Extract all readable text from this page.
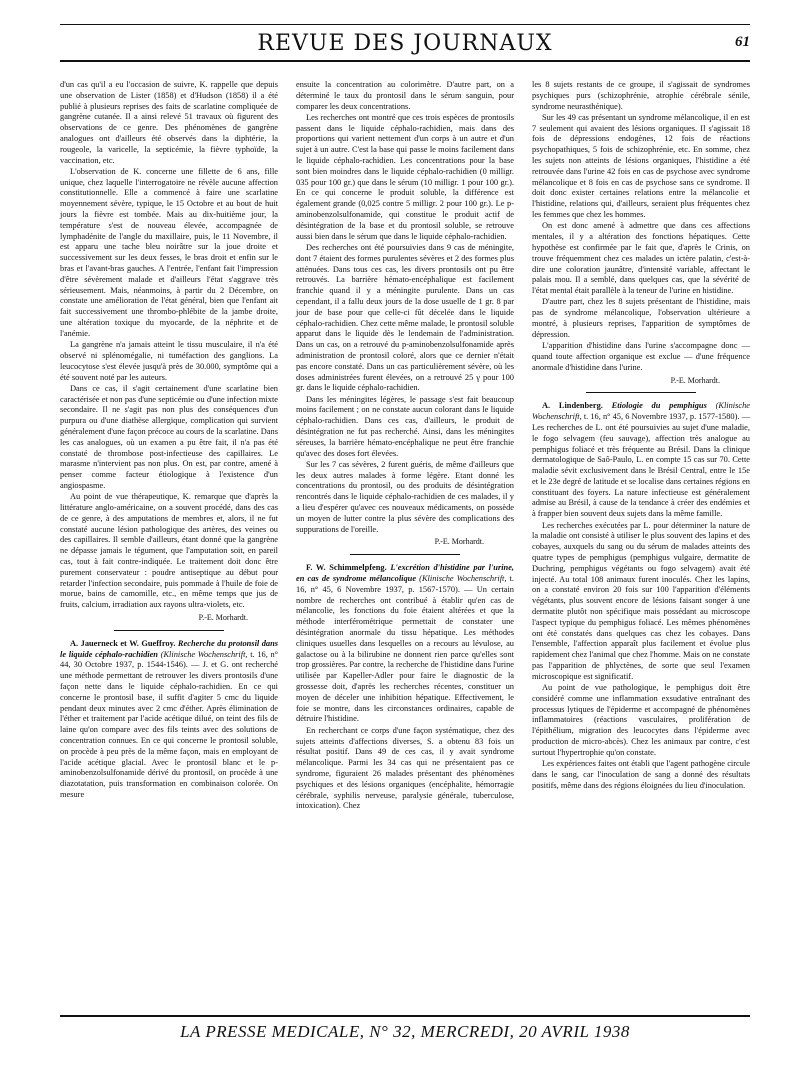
REVUE DES JOURNAUX	61

d'un cas qu'il a eu l'occasion de suivre, K. rappelle que depuis une observation de Lister (1858) et d'Hudson (1858) il a été publié à plusieurs reprises des faits de scarlatine compliquée de gangrène cutanée. Il a ainsi relevé 51 travaux où figurent des observations de ce genre. Des phénomènes de gangrène analogues ont d'ailleurs été observés dans la diphtérie, la rougeole, la varicelle, la septicémie, la fièvre typhoïde, la vaccination, etc.

L'observation de K. concerne une fillette de 6 ans, fille unique, chez laquelle l'interrogatoire ne révèle aucune affection constitutionnelle. Elle a commencé à faire une scarlatine moyennement sévère, typique, le 15 Octobre et au bout de huit jours la fièvre est tombée. Mais au dix-huitième jour, la température s'est de nouveau élevée, accompagnée de lymphadénite de l'angle du maxillaire, puis, le 11 Novembre, il est apparu une tache bleu noirâtre sur la joue droite et successivement sur les deux fesses, le bras droit et enfin sur le bras et l'avant-bras gauches. A l'entrée, l'enfant fait l'impression d'être sévèrement malade et d'ailleurs l'état s'aggrave très sérieusement. Mais, néanmoins, à partir du 2 Décembre, on constate une amélioration de l'état général, bien que l'enfant ait fait successivement une thrombo-phlébite de la jambe droite, une altération toxique du myocarde, de la néphrite et de l'anémie.

La gangrène n'a jamais atteint le tissu musculaire, il n'a été observé ni splénomégalie, ni tuméfaction des ganglions. La leucocytose s'est élevée jusqu'à près de 30.000, symptôme qui a été souvent noté par les auteurs.

Dans ce cas, il s'agit certainement d'une scarlatine bien caractérisée et non pas d'une septicémie ou d'une infection mixte secondaire. Il ne s'agit pas non plus des conséquences d'un purpura ou d'une diathèse allergique, complication qui survient généralement d'une façon précoce au cours de la scarlatine. Dans les cas analogues, où un examen a pu être fait, il n'a pas été constaté de thrombose post-infectieuse des capillaires. Le marasme n'intervient pas non plus. On est, par contre, amené à penser comme facteur étiologique à l'existence d'un angiospasme.

Au point de vue thérapeutique, K. remarque que d'après la littérature anglo-américaine, on a souvent procédé, dans des cas de ce genre, à des amputations de membres et, alors, il ne fut constaté aucune lésion pathologique des artères, des veines ou des capillaires. Il semble d'ailleurs, étant donné que la gangrène ne dépasse jamais le tégument, que l'amputation soit, en pareil cas, tout à fait contre-indiquée. Le traitement doit donc être purement conservateur : poudre antiseptique au début pour retarder l'infection secondaire, puis pommade à l'huile de foie de morue, bains de camomille, etc., en même temps que jus de fruits, calcium, irradiation aux rayons ultra-violets, etc.

P.-E. Morhardt.

A. Jauerneck et W. Gueffroy. Recherche du protonsil dans le liquide céphalo-rachidien (Klinische Wochenschrift, t. 16, n° 44, 30 Octobre 1937, p. 1544-1546). — J. et G. ont recherché une méthode permettant de retrouver les divers prontosils d'une façon nette dans le liquide céphalo-rachidien. En ce qui concerne le prontosil base, il suffit d'agiter 5 cmc du liquide pendant deux minutes avec 2 cmc d'éther. Après élimination de l'éther et traitement par l'acide acétique dilué, on teint des fils de laine qu'on compare avec des fils teints avec des solutions de concentration connues. En ce qui concerne le prontosil soluble, on procède à peu près de la même façon, mais en employant de l'acide acétique glacial. Avec le prontosil blanc et le p-aminobenzolsulfonamide dérivé du prontosil, on procède à une diazotatation, puis transformation en combinaison colorée. On mesure

ensuite la concentration au colorimètre. D'autre part, on a déterminé le taux du prontosil dans le sérum sanguin, pour comparer les deux concentrations.

Les recherches ont montré que ces trois espèces de prontosils passent dans le liquide céphalo-rachidien, mais dans des proportions qui varient nettement d'un corps à un autre et d'un sujet à un autre. C'est la base qui passe le moins facilement dans le liquide céphalo-rachidien. Les concentrations pour la base sont bien moindres dans le liquide céphalo-rachidien (0 milligr. 035 pour 100 gr.) que dans le sérum (10 milligr. 1 pour 100 gr.). En ce qui concerne le produit soluble, la différence est également grande (0,025 contre 5 milligr. 2 pour 100 gr.). Le p-aminobenzolsulfonamide, qui constitue le produit actif de désintégration de la base et du prontosil soluble, se retrouve aussi bien dans le sérum que dans le liquide céphalo-rachidien.

Des recherches ont été poursuivies dans 9 cas de méningite, dont 7 étaient des formes purulentes sévères et 2 des formes plus atténuées. Dans tous ces cas, les divers prontosils ont pu être retrouvés. La barrière hémato-encéphalique est facilement franchie quand il y a méningite purulente. Dans un cas cependant, il a fallu deux jours de la dose usuelle de 1 gr. 8 par jour de base pour que celle-ci fût décelée dans le liquide céphalo-rachidien. Chez cette même malade, le prontosil soluble apparut dans le liquide dès le lendemain de l'administration. Dans un cas, on a retrouvé du p-aminobenzolsulfonamide après administration de prontosil coloré, alors que ce dernier n'était pas encore constaté. Dans un cas particulièrement sévère, où les doses administrées furent élevées, on a retrouvé 25 γ pour 100 gr. dans le liquide céphalo-rachidien.

Dans les méningites légères, le passage s'est fait beaucoup moins facilement ; on ne constate aucun colorant dans le liquide céphalo-rachidien. Dans ces cas, d'ailleurs, le produit de désintégration ne fut pas recherché. Ainsi, dans les méningites séreuses, la barrière hémato-encéphalique ne peut être franchie qu'avec des doses fort élevées.

Sur les 7 cas sévères, 2 furent guéris, de même d'ailleurs que les deux autres malades à forme légère. Etant donné les concentrations du prontosil, ou des produits de désintégration rencontrés dans le liquide céphalo-rachidien de ces malades, il y a lieu d'espérer qu'avec ces nouveaux médicaments, on possède un moyen de lutter contre la plus sévère des complications des suppurations de l'oreille.

P.-E. Morhardt.

F. W. Schimmelpfeng. L'excrétion d'histidine par l'urine, en cas de syndrome mélancolique (Klinische Wochenschrift, t. 16, n° 45, 6 Novembre 1937, p. 1567-1570). — Un certain nombre de recherches ont contribué à établir qu'en cas de mélancolie, les fonctions du foie étaient altérées et que la méthode interférométrique permettait de constater une désintégration anormale du tissu hépatique. Les méthodes cliniques usuelles dans lesquelles on a recours au lévulose, au galactose ou à la bilirubine ne donnent rien parce qu'elles sont trop grossières. Par contre, la recherche de l'histidine dans l'urine utilisée par Kapeller-Adler pour faire le diagnostic de la grossesse doit, d'après les recherches récentes, constituer un moyen de déceler une inhibition hépatique. Effectivement, le foie se montre, dans les circonstances ordinaires, capable de détruire l'histidine.

En recherchant ce corps d'une façon systématique, chez des sujets atteints d'affections diverses, S. a obtenu 83 fois un résultat positif. Dans 49 de ces cas, il y avait syndrome mélancolique. Parmi les 34 cas qui ne présentaient pas ce syndrome, figuraient 26 malades présentant des phénomènes psychiques et des lésions organiques (encéphalite, hémorragie cérébrale, syphilis nerveuse, paralysie générale, tuberculose, intoxication). Chez

les 8 sujets restants de ce groupe, il s'agissait de syndromes psychiques purs (schizophrénie, atrophie cérébrale sénile, syndrome neurasthénique).

Sur les 49 cas présentant un syndrome mélancolique, il en est 7 seulement qui avaient des lésions organiques. Il s'agissait 18 fois de dépressions endogènes, 12 fois de réactions psychopathiques, 5 fois de schizophrénie, etc. En somme, chez les sujets non atteints de lésions organiques, l'histidine a été retrouvée dans l'urine 42 fois en cas de psychose avec syndrome mélancolique et 8 fois en cas de psychose sans ce syndrome. Il doit donc exister certaines relations entre la mélancolie et l'histidine, relations qui, d'ailleurs, seraient plus fréquentes chez les femmes que chez les hommes.

On est donc amené à admettre que dans ces affections mentales, il y a altération des fonctions hépatiques. Cette hypothèse est confirmée par le fait que, d'après le Crinis, on trouve fréquemment chez ces malades un ictère palatin, c'est-à-dire une coloration jaunâtre, d'intensité variable, affectant le palais mou. Il a semblé, dans quelques cas, que la sévérité de l'état mental était parallèle à la teneur de l'urine en histidine.

D'autre part, chez les 8 sujets présentant de l'histidine, mais pas de syndrome mélancolique, l'observation ultérieure a montré, à plusieurs reprises, l'apparition de symptômes de dépression.

L'apparition d'histidine dans l'urine s'accompagne donc — quand toute affection organique est exclue — d'une fréquence anormale d'histidine dans l'urine.

P.-E. Morhardt.

A. Lindenberg. Etiologie du pemphigus (Klinische Wochenschrift, t. 16, n° 45, 6 Novembre 1937, p. 1577-1580). — Les recherches de L. ont été poursuivies au sujet d'une maladie, le fogo selvagem (feu sauvage), affection très analogue au pemphigus foliacé et très fréquente au Brésil. Dans la clinique dermatologique de Saô-Paulo, L. en compte 15 cas sur 70. Cette maladie sévit exclusivement dans le Brésil Central, entre le 15e et le 23e degré de latitude et se localise dans certaines régions en constituant des foyers. La nature infectieuse est généralement admise au Brésil, à cause de la tendance à créer des endémies et à frapper bien souvent deux sujets dans la même famille.

Les recherches exécutées par L. pour déterminer la nature de la maladie ont consisté à utiliser le plus souvent des lapins et des cobayes, auxquels du sang ou du sérum de malades atteints des quatre types de pemphigus (pemphigus vulgaire, dermatite de Duchring, pemphigus végétants ou fogo selvagem) avait été injecté. Au total 108 animaux furent inoculés. Chez les lapins, on a constaté environ 20 fois sur 100 l'apparition d'éléments végétants, plus souvent encore de lésions faisant songer à une dermatite plutôt non spécifique mais possédant au microscope l'aspect typique du pemphigus foliacé. Les mêmes phénomènes ont été constatés dans quelques cas chez les cobayes. Dans l'ensemble, l'affection apparaît plus facilement et évolue plus rapidement chez l'animal que chez l'homme. Mais on ne constate pas l'apparition de phlyctènes, de sorte que seul l'examen microscopique est significatif.

Au point de vue pathologique, le pemphigus doit être considéré comme une inflammation exsudative entraînant des processus lytiques de l'épiderme et accompagné de phénomènes inflammatoires (réactions vasculaires, prolifération de l'épithélium, migration des leucocytes dans l'épiderme avec production de micro-abcès). Chez les animaux par contre, c'est surtout l'hypertrophie qu'on constate.

Les expériences faites ont établi que l'agent pathogène circule dans le sang, car l'inoculation de sang a donné des résultats positifs, même dans des régions éloignées du lieu d'inoculation.

LA PRESSE MEDICALE, N° 32, MERCREDI, 20 AVRIL 1938
